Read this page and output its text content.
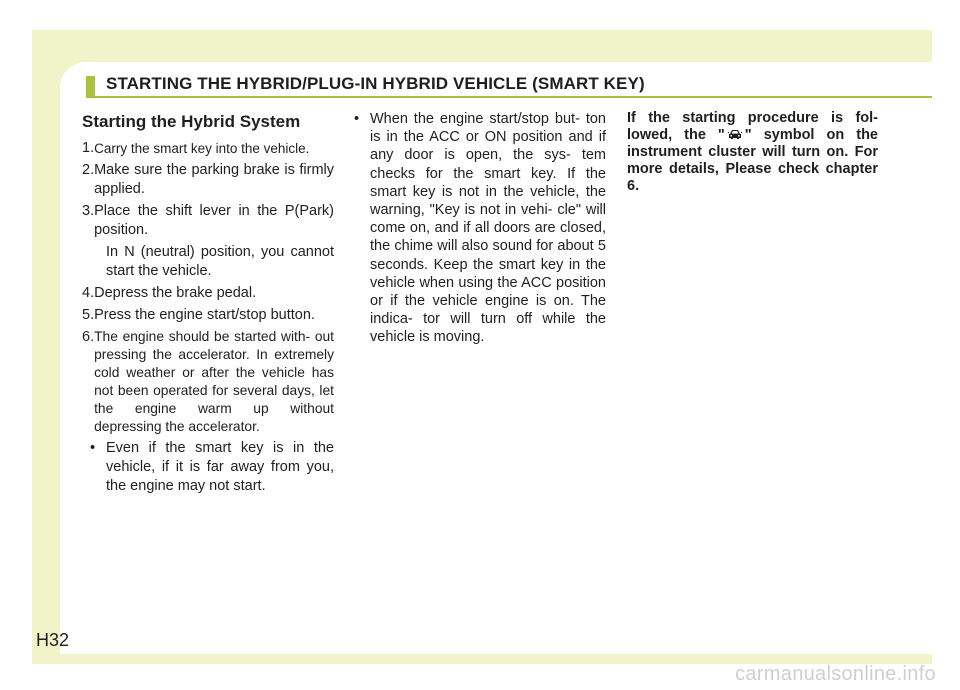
STARTING THE HYBRID/PLUG-IN HYBRID VEHICLE (SMART KEY)
Starting the Hybrid System
1. Carry the smart key into the vehicle.
2. Make sure the parking brake is firmly applied.
3. Place the shift lever in the P(Park) position.
In N (neutral) position, you cannot start the vehicle.
4. Depress the brake pedal.
5. Press the engine start/stop button.
6. The engine should be started with- out pressing the accelerator. In extremely cold weather or after the vehicle has not been operated for several days, let the engine warm up without depressing the accelerator.
• Even if the smart key is in the vehicle, if it is far away from you, the engine may not start.
• When the engine start/stop but- ton is in the ACC or ON position and if any door is open, the sys- tem checks for the smart key. If the smart key is not in the vehicle, the warning, "Key is not in vehi- cle" will come on, and if all doors are closed, the chime will also sound for about 5 seconds. Keep the smart key in the vehicle when using the ACC position or if the vehicle engine is on. The indica- tor will turn off while the vehicle is moving.
If the starting procedure is fol- lowed, the " " symbol on the instrument cluster will turn on. For more details, Please check chapter 6.
H32
carmanualsonline.info
